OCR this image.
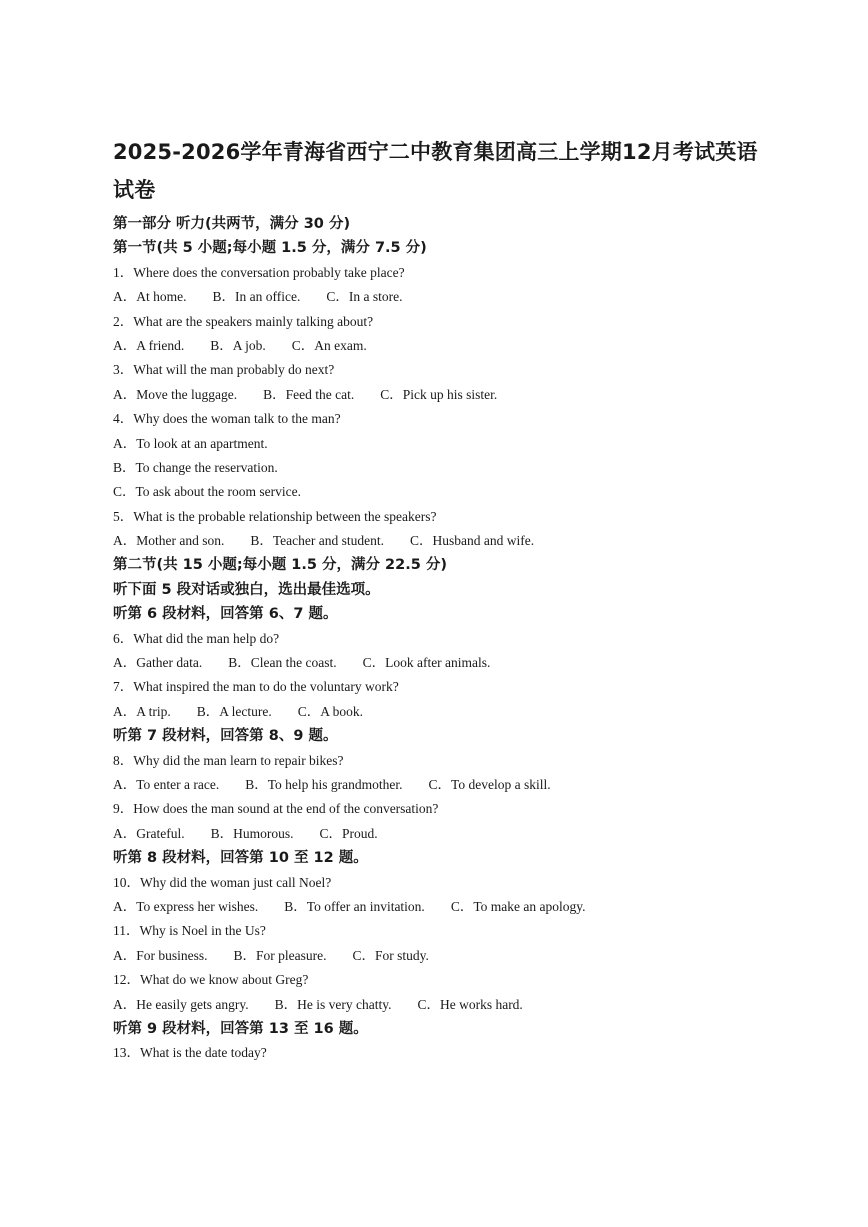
2025-2026学年青海省西宁二中教育集团高三上学期12月考试英语试卷
第一部分 听力(共两节，满分 30 分)
第一节(共 5 小题;每小题 1.5 分，满分 7.5 分)
1．Where does the conversation probably take place?
A．At home. B．In an office. C．In a store.
2．What are the speakers mainly talking about?
A．A friend. B．A job. C．An exam.
3．What will the man probably do next?
A．Move the luggage. B．Feed the cat. C．Pick up his sister.
4．Why does the woman talk to the man?
A．To look at an apartment.
B．To change the reservation.
C．To ask about the room service.
5．What is the probable relationship between the speakers?
A．Mother and son. B．Teacher and student. C．Husband and wife.
第二节(共 15 小题;每小题 1.5 分，满分 22.5 分)
听下面 5 段对话或独白，选出最佳选项。
听第 6 段材料，回答第 6、7 题。
6．What did the man help do?
A．Gather data. B．Clean the coast. C．Look after animals.
7．What inspired the man to do the voluntary work?
A．A trip. B．A lecture. C．A book.
听第 7 段材料，回答第 8、9 题。
8．Why did the man learn to repair bikes?
A．To enter a race. B．To help his grandmother. C．To develop a skill.
9．How does the man sound at the end of the conversation?
A．Grateful. B．Humorous. C．Proud.
听第 8 段材料，回答第 10 至 12 题。
10．Why did the woman just call Noel?
A．To express her wishes. B．To offer an invitation. C．To make an apology.
11．Why is Noel in the Us?
A．For business. B．For pleasure. C．For study.
12．What do we know about Greg?
A．He easily gets angry. B．He is very chatty. C．He works hard.
听第 9 段材料，回答第 13 至 16 题。
13．What is the date today?
